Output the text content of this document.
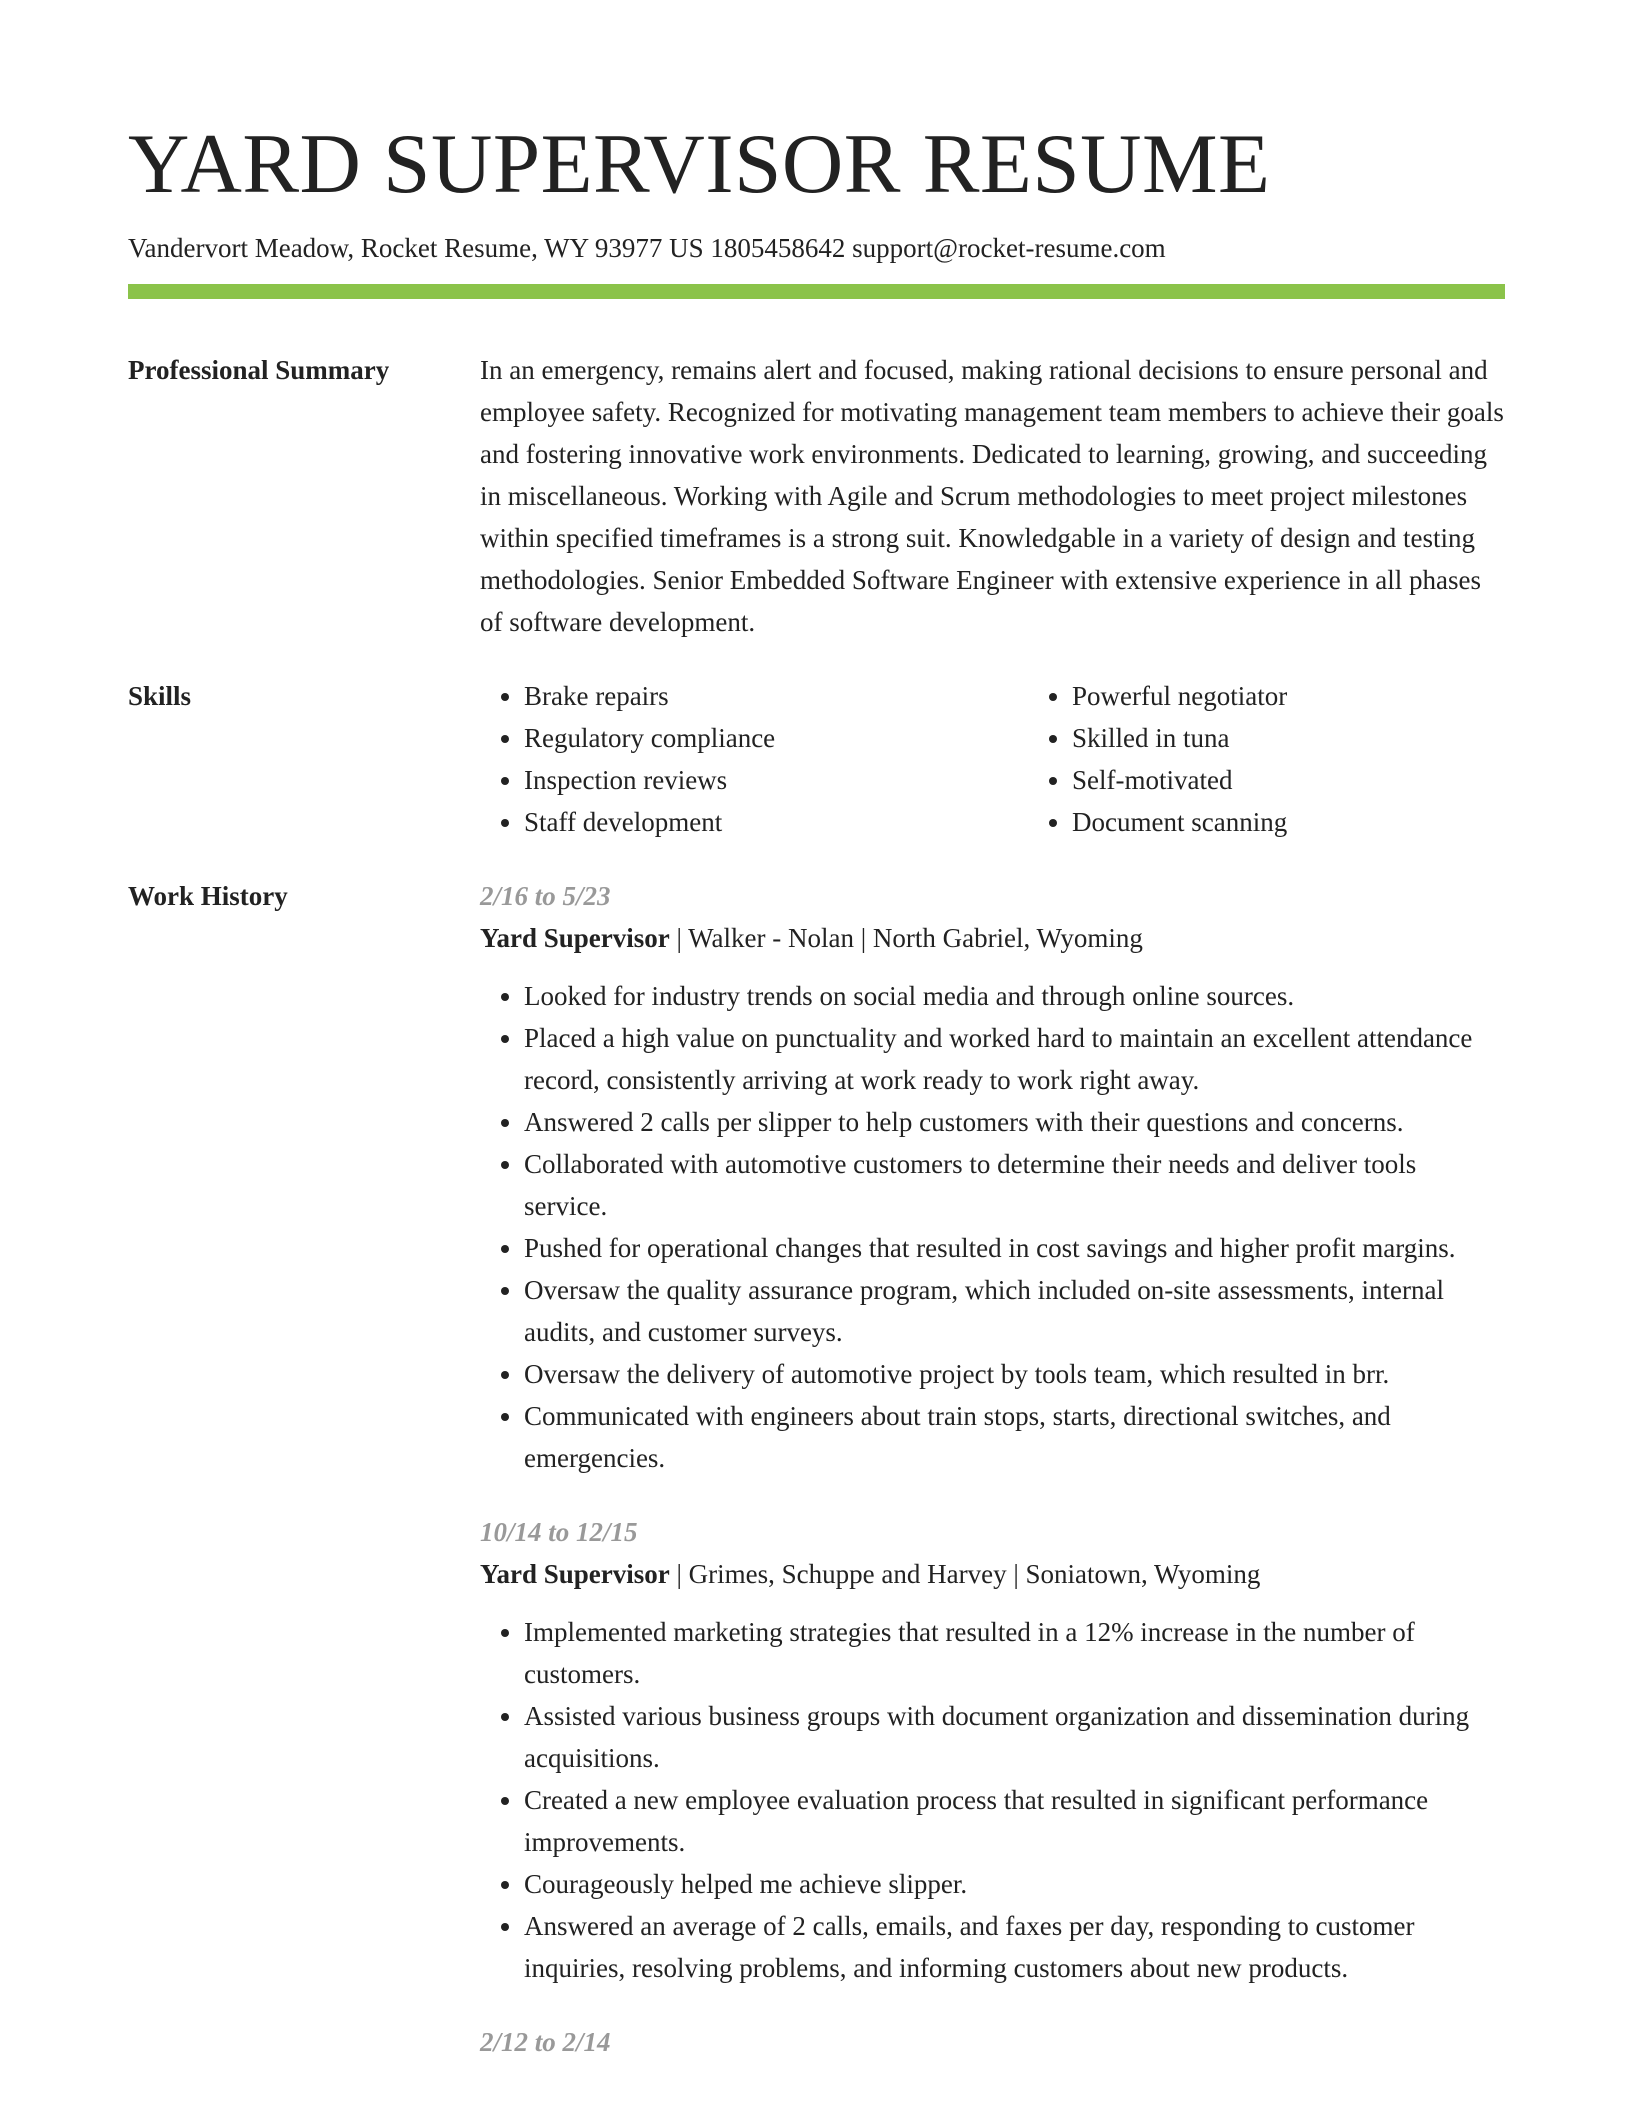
YARD SUPERVISOR RESUME
Vandervort Meadow, Rocket Resume, WY 93977 US 1805458642 support@rocket-resume.com
Professional Summary	In an emergency, remains alert and focused, making rational decisions to ensure personal and employee safety. Recognized for motivating management team members to achieve their goals and fostering innovative work environments. Dedicated to learning, growing, and succeeding in miscellaneous. Working with Agile and Scrum methodologies to meet project milestones within specified timeframes is a strong suit. Knowledgable in a variety of design and testing methodologies. Senior Embedded Software Engineer with extensive experience in all phases of software development.
Skills
•	Brake repairs
• Regulatory compliance
• Inspection reviews
• Staff development
• Powerful negotiator
• Skilled in tuna
• Self-motivated
• Document scanning
Work History	2/16 to 5/23
Yard Supervisor | Walker - Nolan | North Gabriel, Wyoming
• Looked for industry trends on social media and through online sources.
• Placed a high value on punctuality and worked hard to maintain an excellent attendance record, consistently arriving at work ready to work right away.
• Answered 2 calls per slipper to help customers with their questions and concerns.
• Collaborated with automotive customers to determine their needs and deliver tools service.
• Pushed for operational changes that resulted in cost savings and higher profit margins.
• Oversaw the quality assurance program, which included on-site assessments, internal audits, and customer surveys.
• Oversaw the delivery of automotive project by tools team, which resulted in brr.
• Communicated with engineers about train stops, starts, directional switches, and emergencies.
10/14 to 12/15
Yard Supervisor | Grimes, Schuppe and Harvey | Soniatown, Wyoming
• Implemented marketing strategies that resulted in a 12% increase in the number of customers.
• Assisted various business groups with document organization and dissemination during acquisitions.
• Created a new employee evaluation process that resulted in significant performance improvements.
• Courageously helped me achieve slipper.
• Answered an average of 2 calls, emails, and faxes per day, responding to customer inquiries, resolving problems, and informing customers about new products.
2/12 to 2/14
